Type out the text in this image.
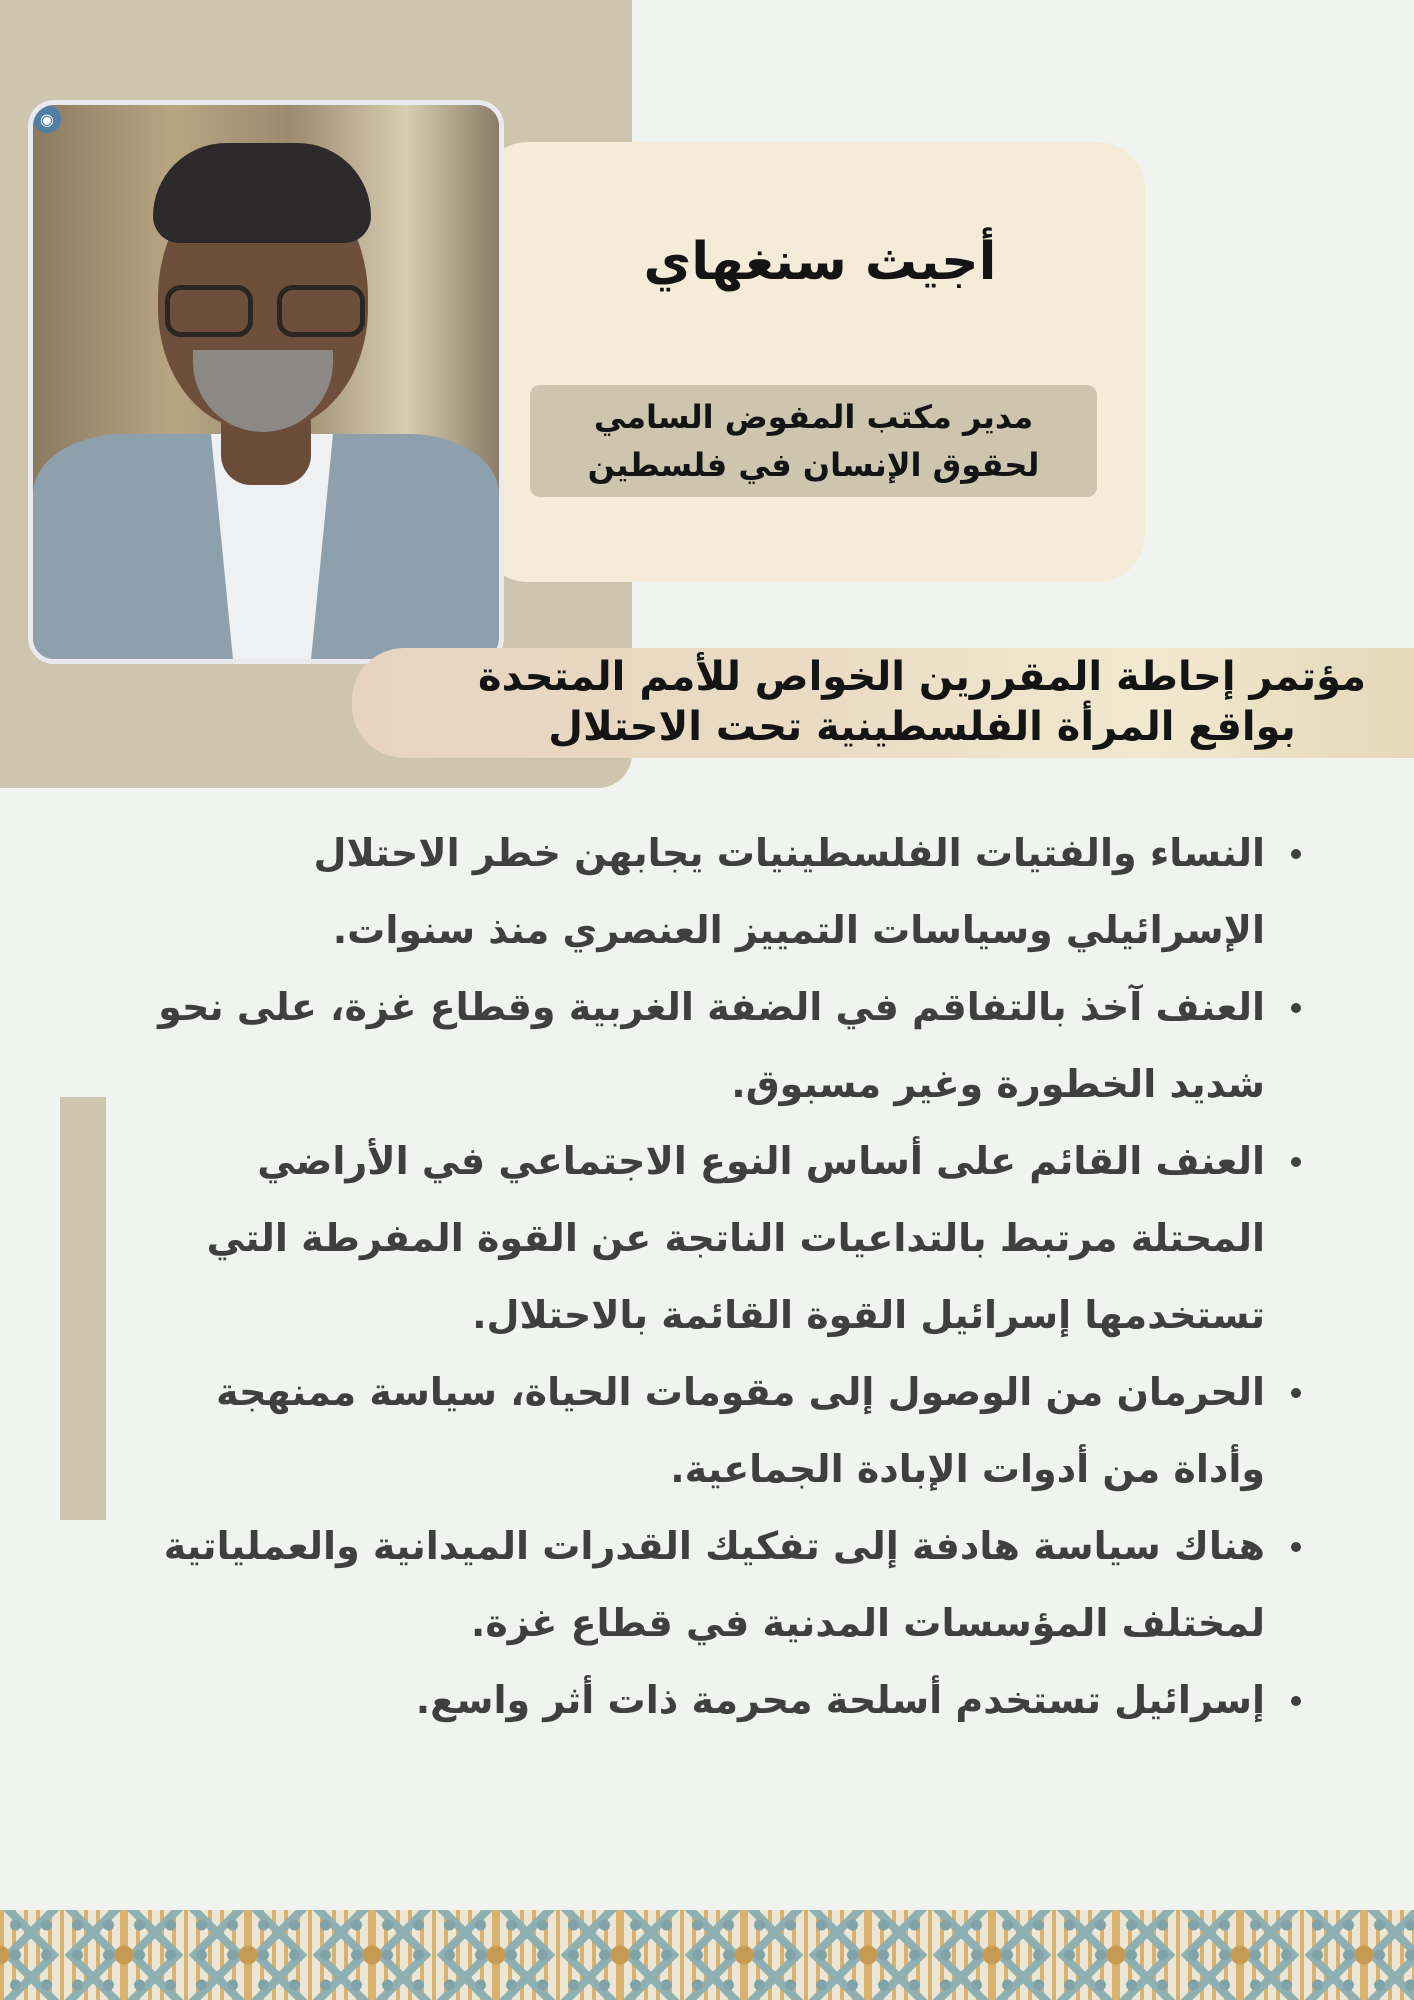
أجيث سنغهاي
مدير مكتب المفوض السامي لحقوق الإنسان في فلسطين
◉
مؤتمر إحاطة المقررين الخواص للأمم المتحدة بواقع المرأة الفلسطينية تحت الاحتلال
النساء والفتيات الفلسطينيات يجابهن خطر الاحتلال الإسرائيلي وسياسات التمييز العنصري منذ سنوات.
العنف آخذ بالتفاقم في الضفة الغربية وقطاع غزة، على نحو شديد الخطورة وغير مسبوق.
العنف القائم على أساس النوع الاجتماعي في الأراضي المحتلة مرتبط بالتداعيات الناتجة عن القوة المفرطة التي تستخدمها إسرائيل القوة القائمة بالاحتلال.
الحرمان من الوصول إلى مقومات الحياة، سياسة ممنهجة وأداة من أدوات الإبادة الجماعية.
هناك سياسة هادفة إلى تفكيك القدرات الميدانية والعملياتية لمختلف المؤسسات المدنية في قطاع غزة.
إسرائيل تستخدم أسلحة محرمة ذات أثر واسع.
